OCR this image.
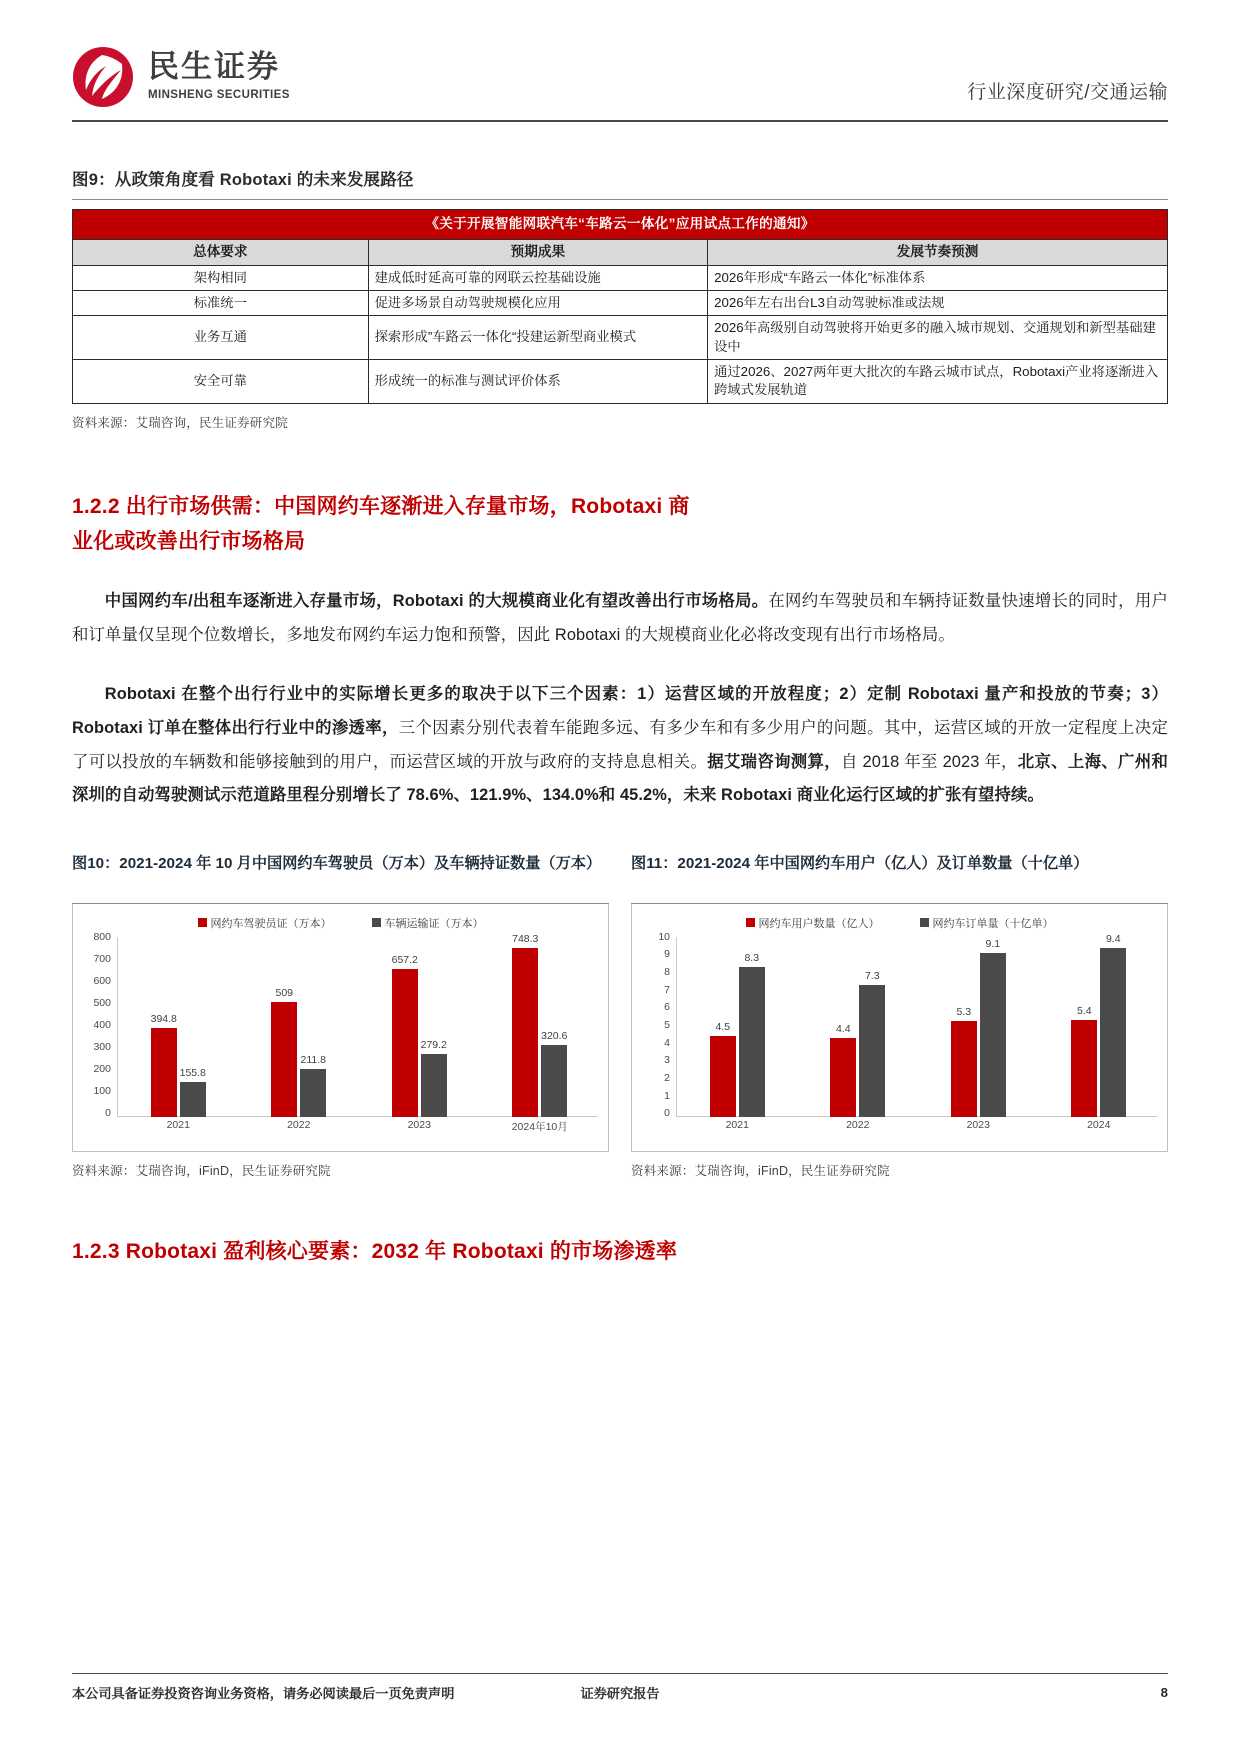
民生证券
MINSHENG SECURITIES	行业深度研究/交通运输
图9：从政策角度看 Robotaxi 的未来发展路径
《关于开展智能网联汽车“车路云一体化”应用试点工作的通知》		
总体要求	预期成果	发展节奏预测
架构相同	建成低时延高可靠的网联云控基础设施	2026年形成“车路云一体化”标准体系
标准统一	促进多场景自动驾驶规模化应用	2026年左右出台L3自动驾驶标准或法规
业务互通	探索形成”车路云一体化“投建运新型商业模式	2026年高级别自动驾驶将开始更多的融入城市规划、交通规划和新型基础建设中
安全可靠	形成统一的标准与测试评价体系	通过2026、2027两年更大批次的车路云城市试点，Robotaxi产业将逐渐进入跨域式发展轨道
资料来源：艾瑞咨询，民生证券研究院
1.2.2 出行市场供需：中国网约车逐渐进入存量市场，Robotaxi 商
业化或改善出行市场格局

中国网约车/出租车逐渐进入存量市场，Robotaxi 的大规模商业化有望改善出行市场格局。在网约车驾驶员和车辆持证数量快速增长的同时，用户和订单量仅呈现个位数增长，多地发布网约车运力饱和预警，因此 Robotaxi 的大规模商业化必将改变现有出行市场格局。

Robotaxi 在整个出行行业中的实际增长更多的取决于以下三个因素：1）运营区域的开放程度；2）定制 Robotaxi 量产和投放的节奏；3）Robotaxi 订单在整体出行行业中的渗透率，三个因素分别代表着车能跑多远、有多少车和有多少用户的问题。其中，运营区域的开放一定程度上决定了可以投放的车辆数和能够接触到的用户，而运营区域的开放与政府的支持息息相关。据艾瑞咨询测算，自 2018 年至 2023 年，北京、上海、广州和深圳的自动驾驶测试示范道路里程分别增长了 78.6%、121.9%、134.0%和 45.2%，未来 Robotaxi 商业化运行区域的扩张有望持续。

图10：2021-2024 年 10 月中国网约车驾驶员（万本）及车辆持证数量（万本）
网约车驾驶员证（万本）	车辆运输证（万本）
800
700
600
500
400
300
200
100
0
394.8
155.8
509
211.8
657.2
279.2
748.3
320.6
2021	2022	2023	2024年10月
资料来源：艾瑞咨询，iFinD，民生证券研究院
图11：2021-2024 年中国网约车用户（亿人）及订单数量（十亿单）
网约车用户数量（亿人）	网约车订单量（十亿单）
10
9
8
7
6
5
4
3
2
1
0
4.5
8.3
4.4
7.3
5.3
9.1
5.4
9.4
2021	2022	2023	2024
资料来源：艾瑞咨询，iFinD，民生证券研究院
1.2.3 Robotaxi 盈利核心要素：2032 年 Robotaxi 的市场渗透率
本公司具备证券投资咨询业务资格，请务必阅读最后一页免责声明	证券研究报告	8
